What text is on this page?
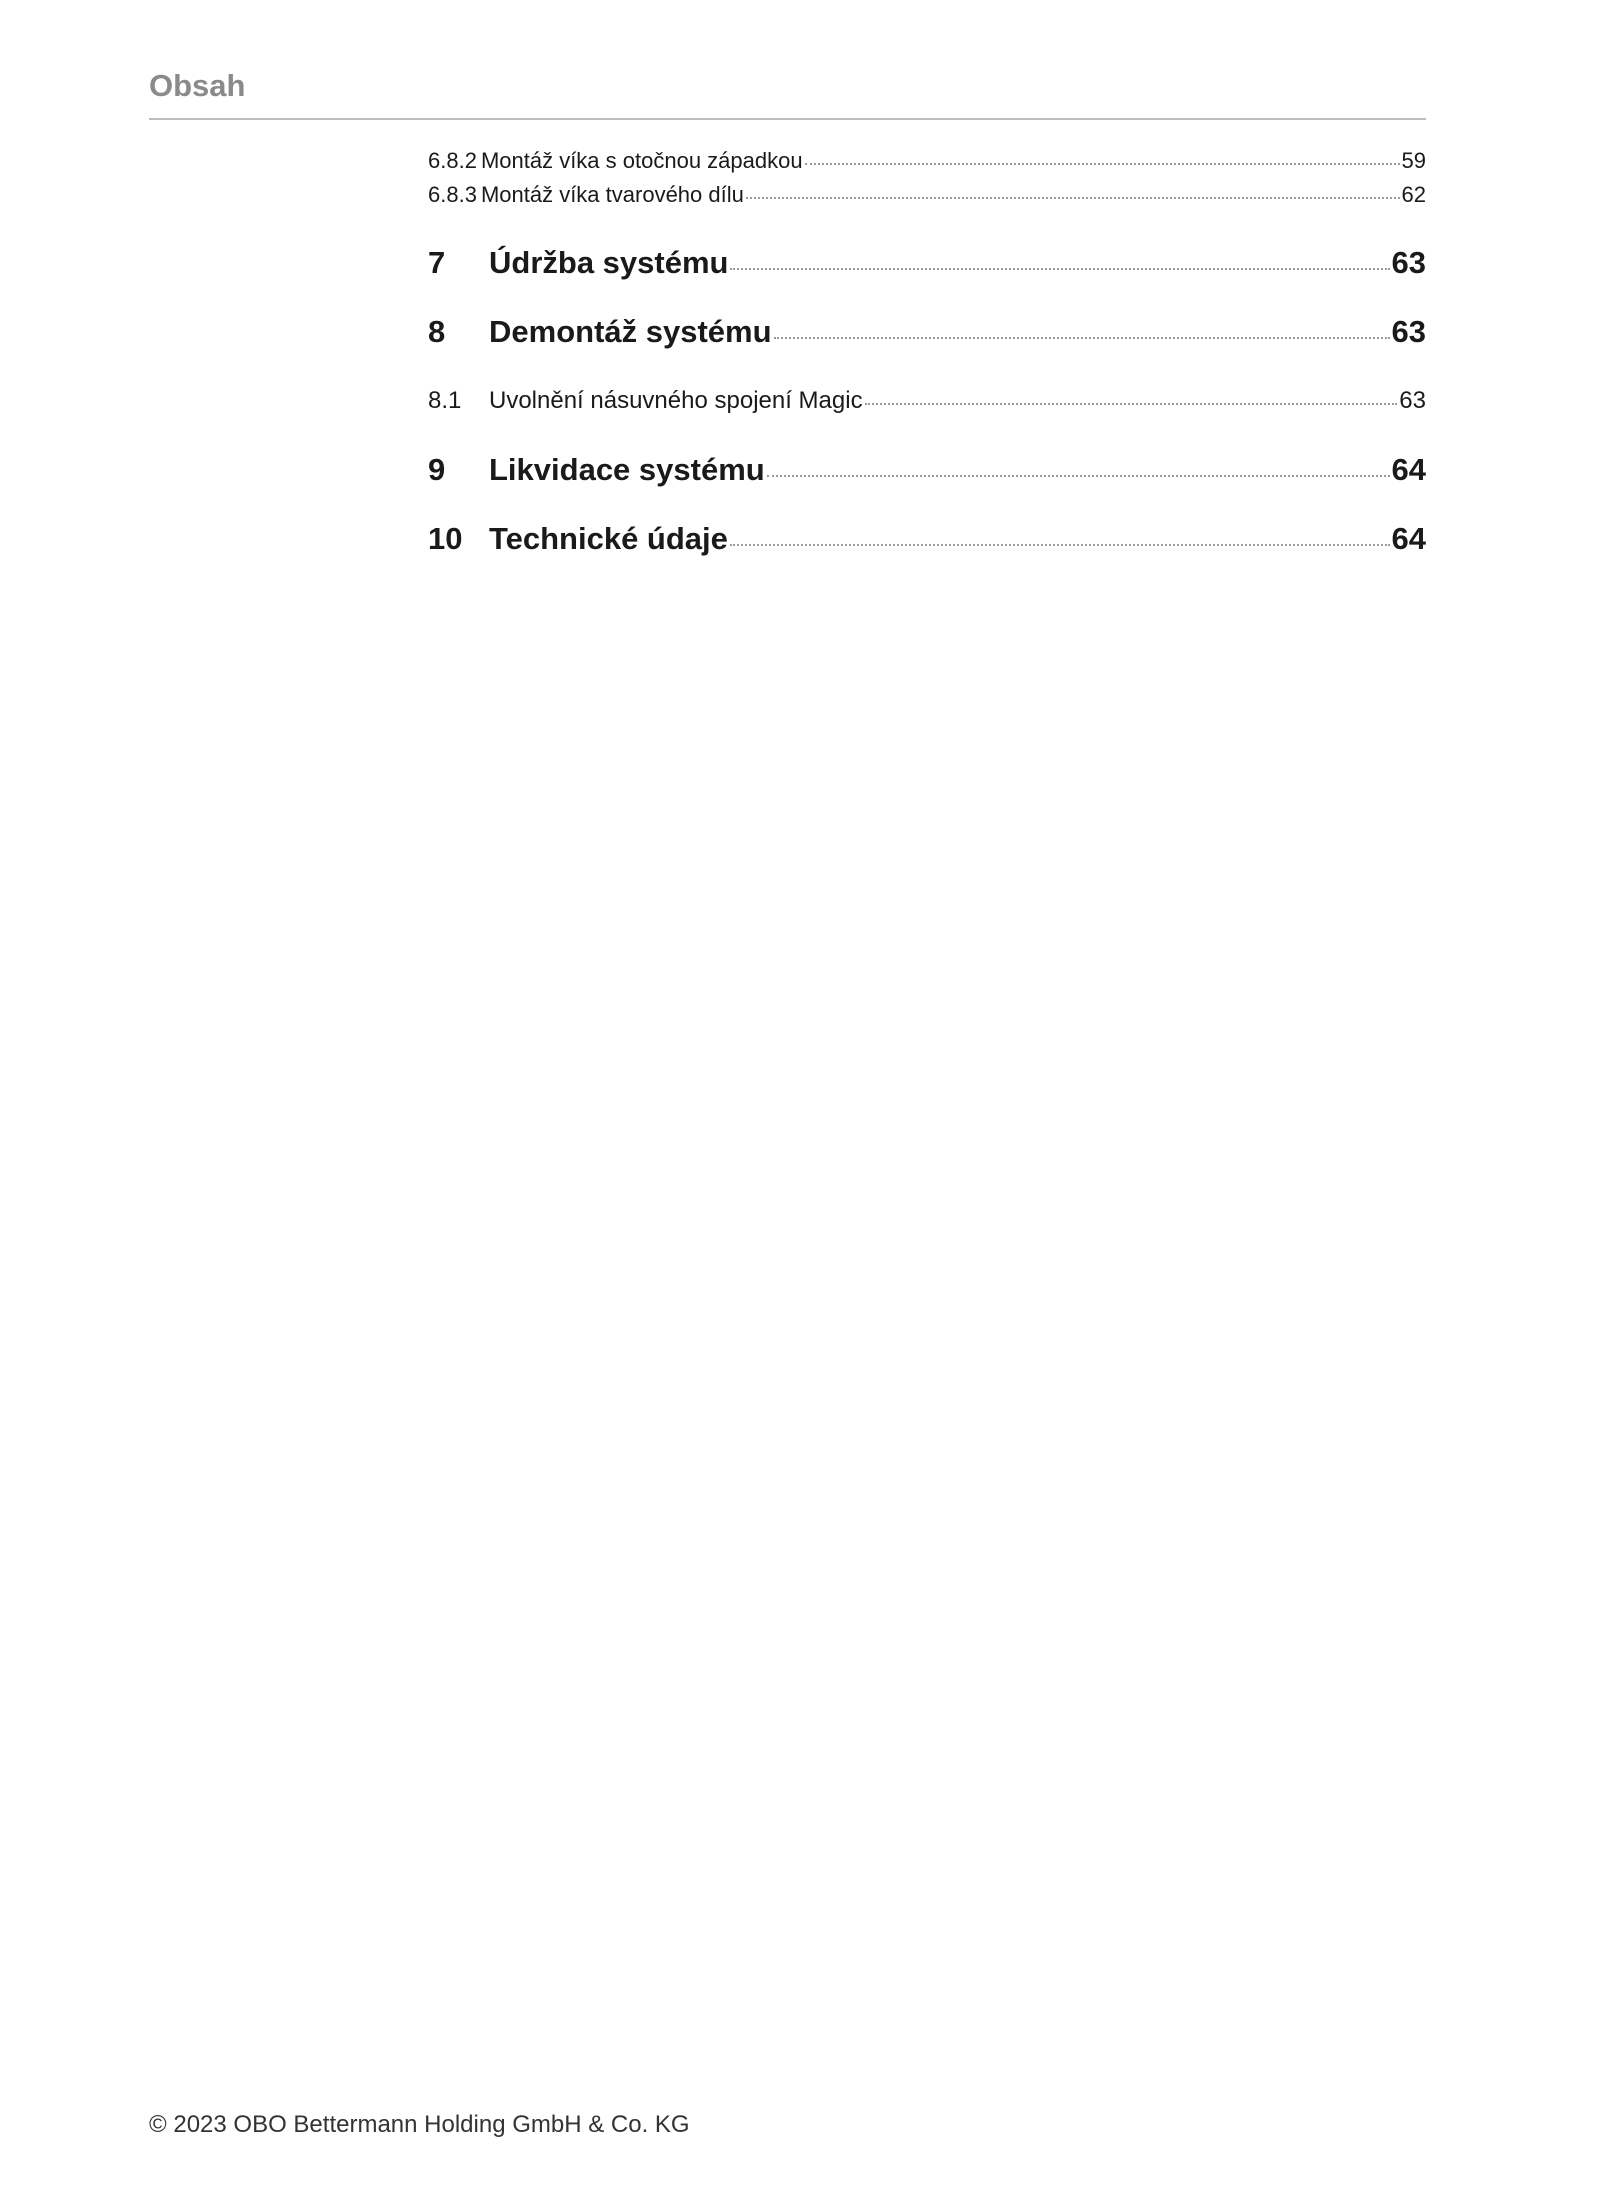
Obsah
6.8.2 Montáž víka s otočnou západkou	59
6.8.3 Montáž víka tvarového dílu	62
7	Údržba systému	63
8	Demontáž systému	63
8.1	Uvolnění násuvného spojení Magic	63
9	Likvidace systému	64
10 Technické údaje	64
© 2023 OBO Bettermann Holding GmbH & Co. KG
